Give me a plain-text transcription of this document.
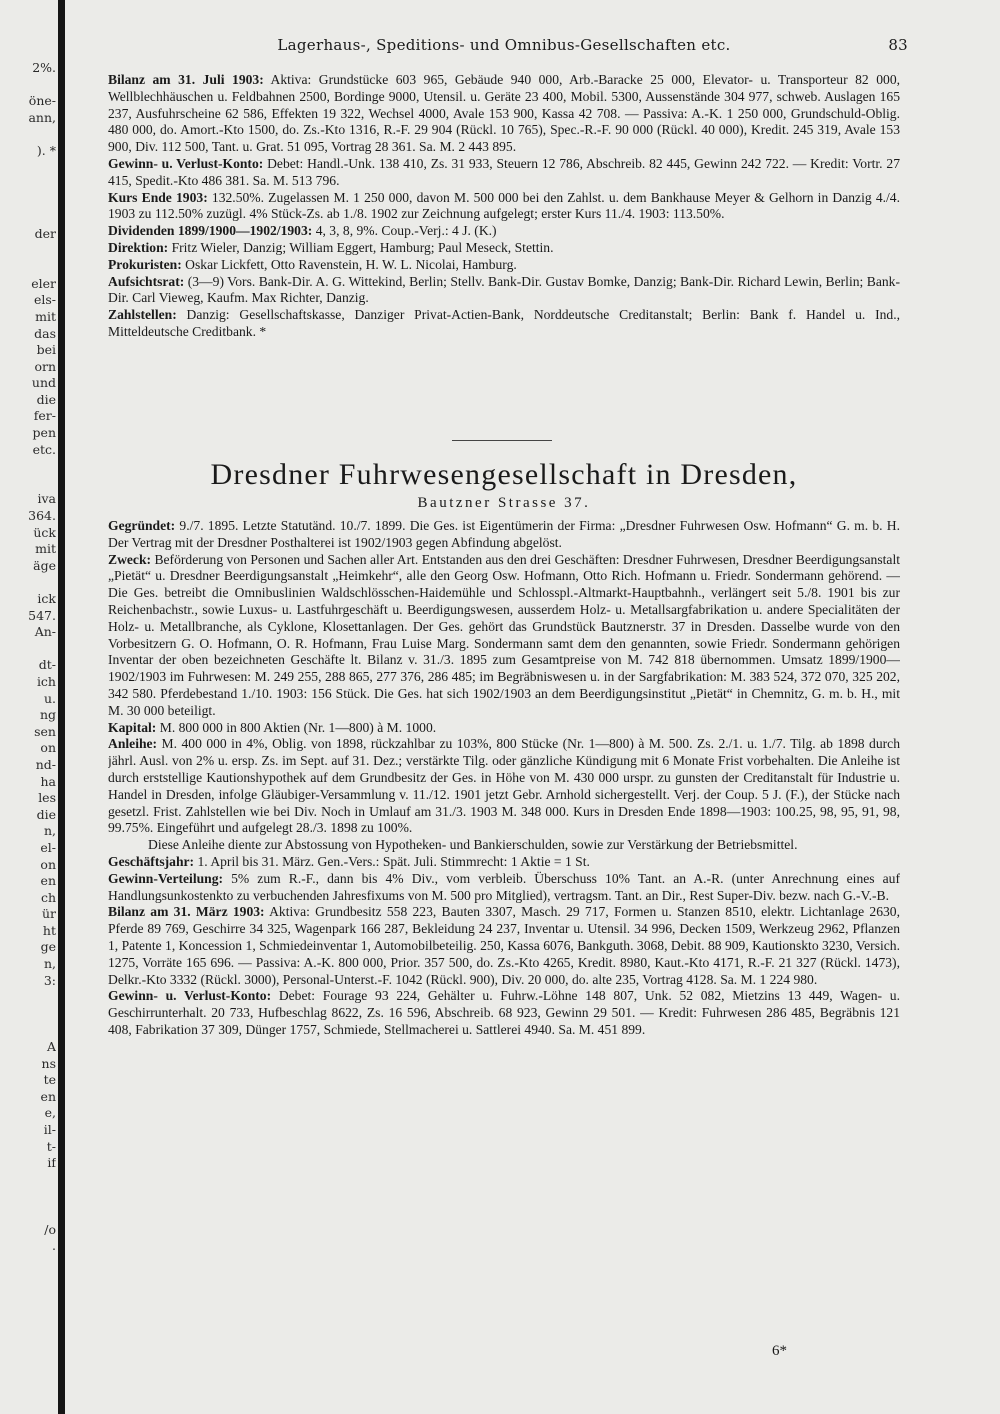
2%.
öne-
ann,
). *
der
eler
els-
mit
das
bei
orn
und
die
fer-
pen
etc.
iva
364.
ück
mit
äge
ick
547.
An-
dt-
ich
u.
ng
sen
on
nd-
ha
les
die
n,
el-
on
en
ch
ür
ht
ge
n,
3:
A
ns
te
en
e,
il-
t-
if
/o
.
Lagerhaus-, Speditions- und Omnibus-Gesellschaften etc.	83

Bilanz am 31. Juli 1903: Aktiva: Grundstücke 603 965, Gebäude 940 000, Arb.-Baracke 25 000, Elevator- u. Transporteur 82 000, Wellblechhäuschen u. Feldbahnen 2500, Bordinge 9000, Utensil. u. Geräte 23 400, Mobil. 5300, Aussenstände 304 977, schweb. Auslagen 165 237, Ausfuhrscheine 62 586, Effekten 19 322, Wechsel 4000, Avale 153 900, Kassa 42 708. — Passiva: A.-K. 1 250 000, Grundschuld-Oblig. 480 000, do. Amort.-Kto 1500, do. Zs.-Kto 1316, R.-F. 29 904 (Rückl. 10 765), Spec.-R.-F. 90 000 (Rückl. 40 000), Kredit. 245 319, Avale 153 900, Div. 112 500, Tant. u. Grat. 51 095, Vortrag 28 361. Sa. M. 2 443 895.

Gewinn- u. Verlust-Konto: Debet: Handl.-Unk. 138 410, Zs. 31 933, Steuern 12 786, Abschreib. 82 445, Gewinn 242 722. — Kredit: Vortr. 27 415, Spedit.-Kto 486 381. Sa. M. 513 796.

Kurs Ende 1903: 132.50%. Zugelassen M. 1 250 000, davon M. 500 000 bei den Zahlst. u. dem Bankhause Meyer & Gelhorn in Danzig 4./4. 1903 zu 112.50% zuzügl. 4% Stück-Zs. ab 1./8. 1902 zur Zeichnung aufgelegt; erster Kurs 11./4. 1903: 113.50%.

Dividenden 1899/1900—1902/1903: 4, 3, 8, 9%. Coup.-Verj.: 4 J. (K.)

Direktion: Fritz Wieler, Danzig; William Eggert, Hamburg; Paul Meseck, Stettin.

Prokuristen: Oskar Lickfett, Otto Ravenstein, H. W. L. Nicolai, Hamburg.

Aufsichtsrat: (3—9) Vors. Bank-Dir. A. G. Wittekind, Berlin; Stellv. Bank-Dir. Gustav Bomke, Danzig; Bank-Dir. Richard Lewin, Berlin; Bank-Dir. Carl Vieweg, Kaufm. Max Richter, Danzig.

Zahlstellen: Danzig: Gesellschaftskasse, Danziger Privat-Actien-Bank, Norddeutsche Creditanstalt; Berlin: Bank f. Handel u. Ind., Mitteldeutsche Creditbank. *

Dresdner Fuhrwesengesellschaft in Dresden,
Bautzner Strasse 37.

Gegründet: 9./7. 1895. Letzte Statutänd. 10./7. 1899. Die Ges. ist Eigentümerin der Firma: „Dresdner Fuhrwesen Osw. Hofmann“ G. m. b. H. Der Vertrag mit der Dresdner Posthalterei ist 1902/1903 gegen Abfindung abgelöst.

Zweck: Beförderung von Personen und Sachen aller Art. Entstanden aus den drei Geschäften: Dresdner Fuhrwesen, Dresdner Beerdigungsanstalt „Pietät“ u. Dresdner Beerdigungsanstalt „Heimkehr“, alle den Georg Osw. Hofmann, Otto Rich. Hofmann u. Friedr. Sondermann gehörend. — Die Ges. betreibt die Omnibuslinien Waldschlösschen-Haidemühle und Schlosspl.-Altmarkt-Hauptbahnh., verlängert seit 5./8. 1901 bis zur Reichenbachstr., sowie Luxus- u. Lastfuhrgeschäft u. Beerdigungswesen, ausserdem Holz- u. Metallsargfabrikation u. andere Specialitäten der Holz- u. Metallbranche, als Cyklone, Klosettanlagen. Der Ges. gehört das Grundstück Bautznerstr. 37 in Dresden. Dasselbe wurde von den Vorbesitzern G. O. Hofmann, O. R. Hofmann, Frau Luise Marg. Sondermann samt dem den genannten, sowie Friedr. Sondermann gehörigen Inventar der oben bezeichneten Geschäfte lt. Bilanz v. 31./3. 1895 zum Gesamtpreise von M. 742 818 übernommen. Umsatz 1899/1900—1902/1903 im Fuhrwesen: M. 249 255, 288 865, 277 376, 286 485; im Begräbniswesen u. in der Sargfabrikation: M. 383 524, 372 070, 325 202, 342 580. Pferdebestand 1./10. 1903: 156 Stück. Die Ges. hat sich 1902/1903 an dem Beerdigungsinstitut „Pietät“ in Chemnitz, G. m. b. H., mit M. 30 000 beteiligt.

Kapital: M. 800 000 in 800 Aktien (Nr. 1—800) à M. 1000.

Anleihe: M. 400 000 in 4%, Oblig. von 1898, rückzahlbar zu 103%, 800 Stücke (Nr. 1—800) à M. 500. Zs. 2./1. u. 1./7. Tilg. ab 1898 durch jährl. Ausl. von 2% u. ersp. Zs. im Sept. auf 31. Dez.; verstärkte Tilg. oder gänzliche Kündigung mit 6 Monate Frist vorbehalten. Die Anleihe ist durch erststellige Kautionshypothek auf dem Grundbesitz der Ges. in Höhe von M. 430 000 urspr. zu gunsten der Creditanstalt für Industrie u. Handel in Dresden, infolge Gläubiger-Versammlung v. 11./12. 1901 jetzt Gebr. Arnhold sichergestellt. Verj. der Coup. 5 J. (F.), der Stücke nach gesetzl. Frist. Zahlstellen wie bei Div. Noch in Umlauf am 31./3. 1903 M. 348 000. Kurs in Dresden Ende 1898—1903: 100.25, 98, 95, 91, 98, 99.75%. Eingeführt und aufgelegt 28./3. 1898 zu 100%.

Diese Anleihe diente zur Abstossung von Hypotheken- und Bankierschulden, sowie zur Verstärkung der Betriebsmittel.

Geschäftsjahr: 1. April bis 31. März. Gen.-Vers.: Spät. Juli. Stimmrecht: 1 Aktie = 1 St.

Gewinn-Verteilung: 5% zum R.-F., dann bis 4% Div., vom verbleib. Überschuss 10% Tant. an A.-R. (unter Anrechnung eines auf Handlungsunkostenkto zu verbuchenden Jahresfixums von M. 500 pro Mitglied), vertragsm. Tant. an Dir., Rest Super-Div. bezw. nach G.-V.-B.

Bilanz am 31. März 1903: Aktiva: Grundbesitz 558 223, Bauten 3307, Masch. 29 717, Formen u. Stanzen 8510, elektr. Lichtanlage 2630, Pferde 89 769, Geschirre 34 325, Wagenpark 166 287, Bekleidung 24 237, Inventar u. Utensil. 34 996, Decken 1509, Werkzeug 2962, Pflanzen 1, Patente 1, Koncession 1, Schmiedeinventar 1, Automobilbeteilig. 250, Kassa 6076, Bankguth. 3068, Debit. 88 909, Kautionskto 3230, Versich. 1275, Vorräte 165 696. — Passiva: A.-K. 800 000, Prior. 357 500, do. Zs.-Kto 4265, Kredit. 8980, Kaut.-Kto 4171, R.-F. 21 327 (Rückl. 1473), Delkr.-Kto 3332 (Rückl. 3000), Personal-Unterst.-F. 1042 (Rückl. 900), Div. 20 000, do. alte 235, Vortrag 4128. Sa. M. 1 224 980.

Gewinn- u. Verlust-Konto: Debet: Fourage 93 224, Gehälter u. Fuhrw.-Löhne 148 807, Unk. 52 082, Mietzins 13 449, Wagen- u. Geschirrunterhalt. 20 733, Hufbeschlag 8622, Zs. 16 596, Abschreib. 68 923, Gewinn 29 501. — Kredit: Fuhrwesen 286 485, Begräbnis 121 408, Fabrikation 37 309, Dünger 1757, Schmiede, Stellmacherei u. Sattlerei 4940. Sa. M. 451 899.

6*
